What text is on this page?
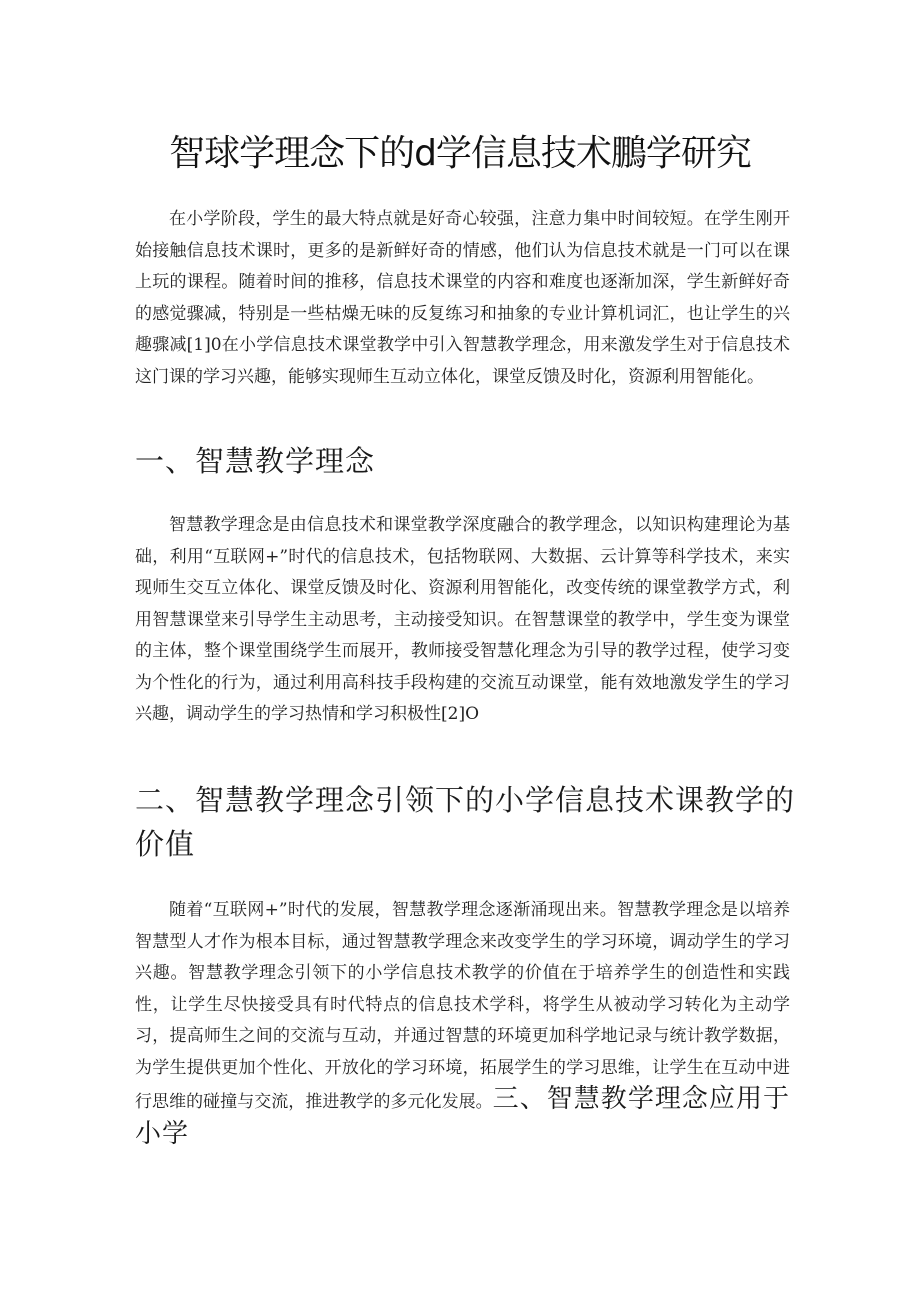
智球学理念下的d学信息技术鵬学研究

在小学阶段，学生的最大特点就是好奇心较强，注意力集中时间较短。在学生刚开始接触信息技术课时，更多的是新鲜好奇的情感，他们认为信息技术就是一门可以在课上玩的课程。随着时间的推移，信息技术课堂的内容和难度也逐渐加深，学生新鲜好奇的感觉骤减，特别是一些枯燥无味的反复练习和抽象的专业计算机词汇，也让学生的兴趣骤减[1]0在小学信息技术课堂教学中引入智慧教学理念，用来激发学生对于信息技术这门课的学习兴趣，能够实现师生互动立体化，课堂反馈及时化，资源利用智能化。

一、智慧教学理念

智慧教学理念是由信息技术和课堂教学深度融合的教学理念，以知识构建理论为基础，利用“互联网+”时代的信息技术，包括物联网、大数据、云计算等科学技术，来实现师生交互立体化、课堂反馈及时化、资源利用智能化，改变传统的课堂教学方式，利用智慧课堂来引导学生主动思考，主动接受知识。在智慧课堂的教学中，学生变为课堂的主体，整个课堂围绕学生而展开，教师接受智慧化理念为引导的教学过程，使学习变为个性化的行为，通过利用高科技手段构建的交流互动课堂，能有效地激发学生的学习兴趣，调动学生的学习热情和学习积极性[2]O

二、智慧教学理念引领下的小学信息技术课教学的价值

随着“互联网+”时代的发展，智慧教学理念逐渐涌现出来。智慧教学理念是以培养智慧型人才作为根本目标，通过智慧教学理念来改变学生的学习环境，调动学生的学习兴趣。智慧教学理念引领下的小学信息技术教学的价值在于培养学生的创造性和实践性，让学生尽快接受具有时代特点的信息技术学科，将学生从被动学习转化为主动学习，提高师生之间的交流与互动，并通过智慧的环境更加科学地记录与统计教学数据，为学生提供更加个性化、开放化的学习环境，拓展学生的学习思维，让学生在互动中进行思维的碰撞与交流，推进教学的多元化发展。三、智慧教学理念应用于小学
